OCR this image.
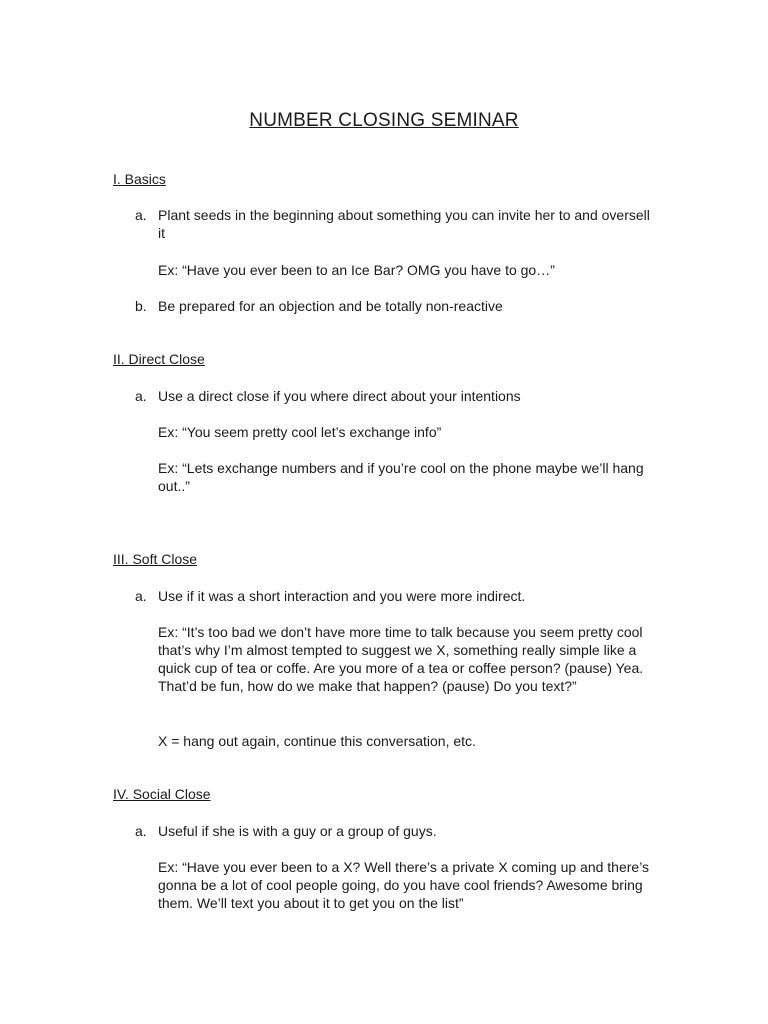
NUMBER CLOSING SEMINAR
I. Basics
a. Plant seeds in the beginning about something you can invite her to and oversell it
Ex: “Have you ever been to an Ice Bar? OMG you have to go…”
b. Be prepared for an objection and be totally non-reactive
II. Direct Close
a. Use a direct close if you where direct about your intentions
Ex: “You seem pretty cool let’s exchange info”
Ex: “Lets exchange numbers and if you’re cool on the phone maybe we’ll hang out..”
III. Soft Close
a. Use if it was a short interaction and you were more indirect.
Ex: “It’s too bad we don’t have more time to talk because you seem pretty cool that’s why I’m almost tempted to suggest we X, something really simple like a quick cup of tea or coffe. Are you more of a tea or coffee person? (pause) Yea. That’d be fun, how do we make that happen? (pause) Do you text?”
X = hang out again, continue this conversation, etc.
IV. Social Close
a. Useful if she is with a guy or a group of guys.
Ex: “Have you ever been to a X? Well there’s a private X coming up and there’s gonna be a lot of cool people going, do you have cool friends? Awesome bring them. We’ll text you about it to get you on the list”
